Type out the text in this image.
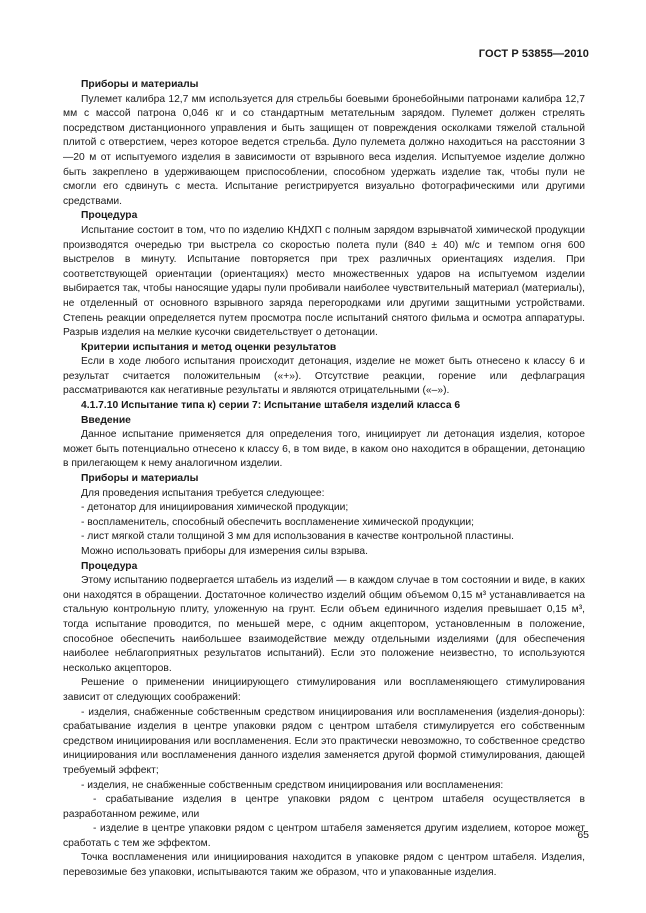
ГОСТ Р 53855—2010

Приборы и материалы

Пулемет калибра 12,7 мм используется для стрельбы боевыми бронебойными патронами калибра 12,7 мм с массой патрона 0,046 кг и со стандартным метательным зарядом. Пулемет должен стрелять посредством дистанционного управления и быть защищен от повреждения осколками тяжелой стальной плитой с отверстием, через которое ведется стрельба. Дуло пулемета должно находиться на расстоянии 3—20 м от испытуемого изделия в зависимости от взрывного веса изделия. Испытуемое изделие должно быть закреплено в удерживающем приспособлении, способном удержать изделие так, чтобы пули не смогли его сдвинуть с места. Испытание регистрируется визуально фотографическими или другими средствами.

Процедура

Испытание состоит в том, что по изделию КНДХП с полным зарядом взрывчатой химической продукции производятся очередью три выстрела со скоростью полета пули (840 ± 40) м/с и темпом огня 600 выстрелов в минуту. Испытание повторяется при трех различных ориентациях изделия. При соответствующей ориентации (ориентациях) место множественных ударов на испытуемом изделии выбирается так, чтобы наносящие удары пули пробивали наиболее чувствительный материал (материалы), не отделенный от основного взрывного заряда перегородками или другими защитными устройствами. Степень реакции определяется путем просмотра после испытаний снятого фильма и осмотра аппаратуры. Разрыв изделия на мелкие кусочки свидетельствует о детонации.

Критерии испытания и метод оценки результатов

Если в ходе любого испытания происходит детонация, изделие не может быть отнесено к классу 6 и результат считается положительным («+»). Отсутствие реакции, горение или дефлаграция рассматриваются как негативные результаты и являются отрицательными («–»).

4.1.7.10 Испытание типа к) серии 7: Испытание штабеля изделий класса 6

Введение

Данное испытание применяется для определения того, инициирует ли детонация изделия, которое может быть потенциально отнесено к классу 6, в том виде, в каком оно находится в обращении, детонацию в прилегающем к нему аналогичном изделии.

Приборы и материалы

Для проведения испытания требуется следующее:

- детонатор для инициирования химической продукции;

- воспламенитель, способный обеспечить воспламенение химической продукции;

- лист мягкой стали толщиной 3 мм для использования в качестве контрольной пластины.

Можно использовать приборы для измерения силы взрыва.

Процедура

Этому испытанию подвергается штабель из изделий — в каждом случае в том состоянии и виде, в каких они находятся в обращении. Достаточное количество изделий общим объемом 0,15 м³ устанавливается на стальную контрольную плиту, уложенную на грунт. Если объем единичного изделия превышает 0,15 м³, тогда испытание проводится, по меньшей мере, с одним акцептором, установленным в положение, способное обеспечить наибольшее взаимодействие между отдельными изделиями (для обеспечения наиболее неблагоприятных результатов испытаний). Если это положение неизвестно, то используются несколько акцепторов.

Решение о применении инициирующего стимулирования или воспламеняющего стимулирования зависит от следующих соображений:

- изделия, снабженные собственным средством инициирования или воспламенения (изделия-доноры): срабатывание изделия в центре упаковки рядом с центром штабеля стимулируется его собственным средством инициирования или воспламенения. Если это практически невозможно, то собственное средство инициирования или воспламенения данного изделия заменяется другой формой стимулирования, дающей требуемый эффект;

- изделия, не снабженные собственным средством инициирования или воспламенения:

- срабатывание изделия в центре упаковки рядом с центром штабеля осуществляется в разработанном режиме, или

- изделие в центре упаковки рядом с центром штабеля заменяется другим изделием, которое может сработать с тем же эффектом.

Точка воспламенения или инициирования находится в упаковке рядом с центром штабеля. Изделия, перевозимые без упаковки, испытываются таким же образом, что и упакованные изделия.

65
